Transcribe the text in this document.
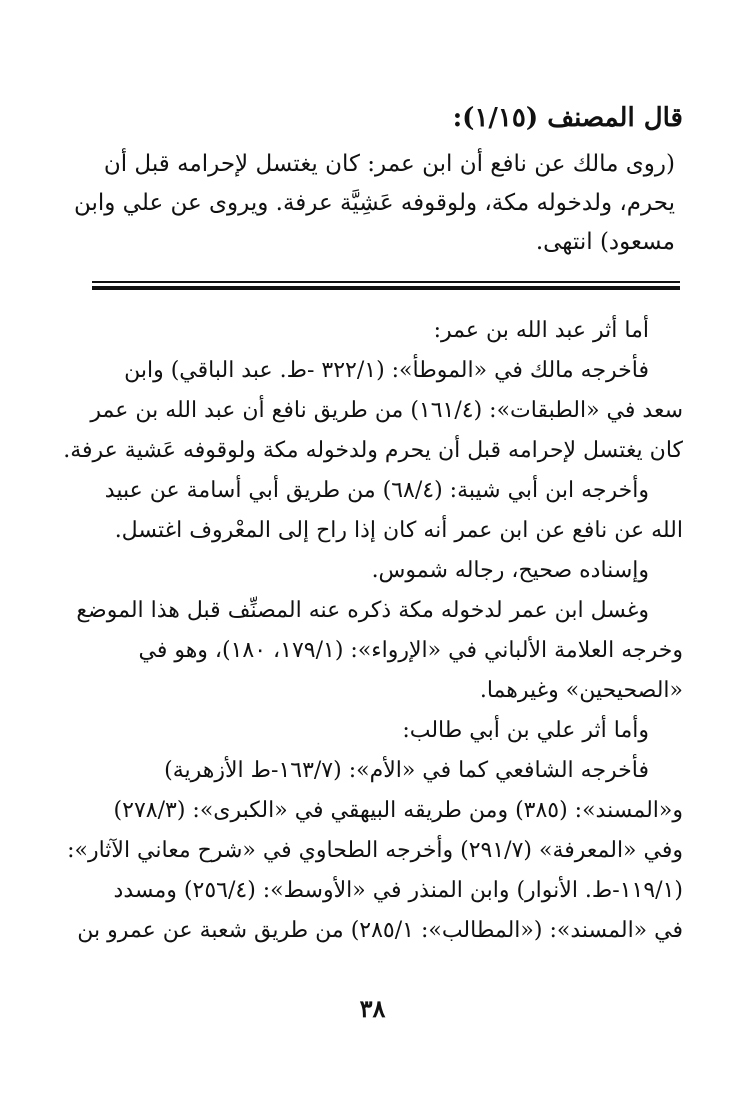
قال المصنف (١/١٥):
(روى مالك عن نافع أن ابن عمر: كان يغتسل لإحرامه قبل أن
يحرم، ولدخوله مكة، ولوقوفه عَشِيَّة عرفة. ويروى عن علي وابن
مسعود) انتهى.
أما أثر عبد الله بن عمر:
فأخرجه مالك في «الموطأ»: (٣٢٢/١ -ط. عبد الباقي) وابن
سعد في «الطبقات»: (١٦١/٤) من طريق نافع أن عبد الله بن عمر
كان يغتسل لإحرامه قبل أن يحرم ولدخوله مكة ولوقوفه عَشية عرفة.
وأخرجه ابن أبي شيبة: (٦٨/٤) من طريق أبي أسامة عن عبيد
الله عن نافع عن ابن عمر أنه كان إذا راح إلى المعْروف اغتسل.
وإسناده صحيح، رجاله شموس.
وغسل ابن عمر لدخوله مكة ذكره عنه المصنِّف قبل هذا الموضع
وخرجه العلامة الألباني في «الإرواء»: (١٧٩/١، ١٨٠)، وهو في
«الصحيحين» وغيرهما.
وأما أثر علي بن أبي طالب:
فأخرجه الشافعي كما في «الأم»: (١٦٣/٧-ط الأزهرية)
و«المسند»: (٣٨٥) ومن طريقه البيهقي في «الكبرى»: (٢٧٨/٣)
وفي «المعرفة» (٢٩١/٧) وأخرجه الطحاوي في «شرح معاني الآثار»:
(١١٩/١-ط. الأنوار) وابن المنذر في «الأوسط»: (٢٥٦/٤) ومسدد
في «المسند»: («المطالب»: ٢٨٥/١) من طريق شعبة عن عمرو بن
٣٨
